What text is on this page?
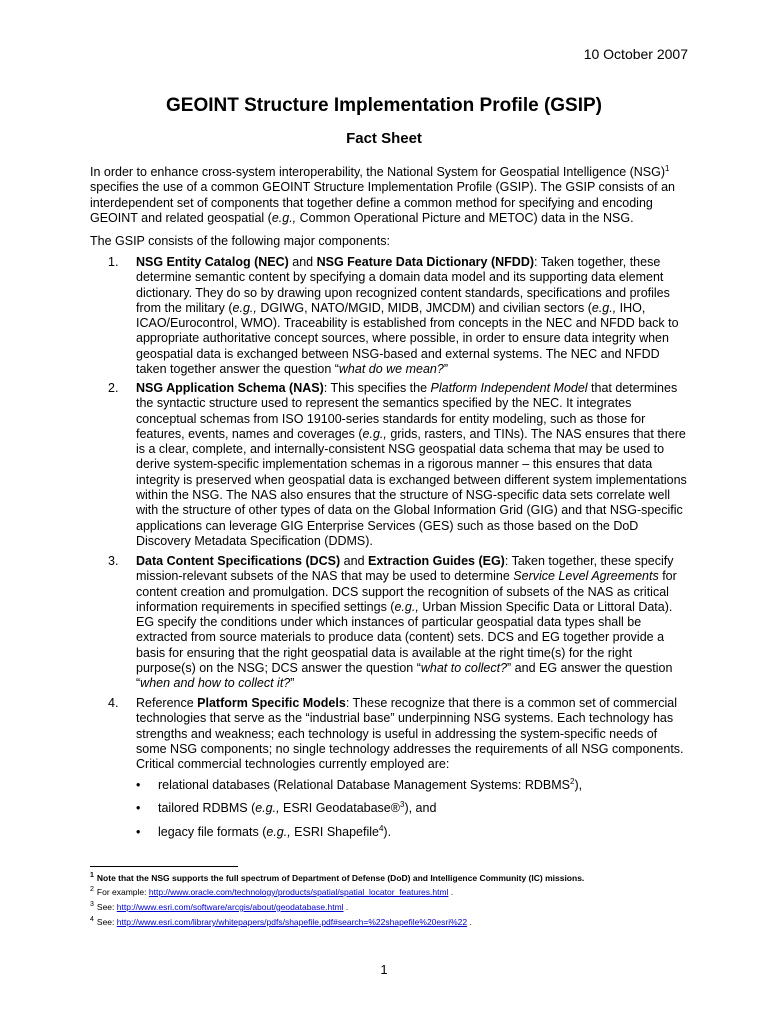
10 October 2007

GEOINT Structure Implementation Profile (GSIP)
Fact Sheet

In order to enhance cross-system interoperability, the National System for Geospatial Intelligence (NSG)$^1$ specifies the use of a common GEOINT Structure Implementation Profile (GSIP). The GSIP consists of an interdependent set of components that together define a common method for specifying and encoding GEOINT and related geospatial (e.g., Common Operational Picture and METOC) data in the NSG.

The GSIP consists of the following major components:

1. NSG Entity Catalog (NEC) and NSG Feature Data Dictionary (NFDD): Taken together, these determine semantic content by specifying a domain data model and its supporting data element dictionary. They do so by drawing upon recognized content standards, specifications and profiles from the military (e.g., DGIWG, NATO/MGID, MIDB, JMCDM) and civilian sectors (e.g., IHO, ICAO/Eurocontrol, WMO). Traceability is established from concepts in the NEC and NFDD back to appropriate authoritative concept sources, where possible, in order to ensure data integrity when geospatial data is exchanged between NSG-based and external systems. The NEC and NFDD taken together answer the question “what do we mean?”
2. NSG Application Schema (NAS): This specifies the Platform Independent Model that determines the syntactic structure used to represent the semantics specified by the NEC. It integrates conceptual schemas from ISO 19100-series standards for entity modeling, such as those for features, events, names and coverages (e.g., grids, rasters, and TINs). The NAS ensures that there is a clear, complete, and internally-consistent NSG geospatial data schema that may be used to derive system-specific implementation schemas in a rigorous manner – this ensures that data integrity is preserved when geospatial data is exchanged between different system implementations within the NSG. The NAS also ensures that the structure of NSG-specific data sets correlate well with the structure of other types of data on the Global Information Grid (GIG) and that NSG-specific applications can leverage GIG Enterprise Services (GES) such as those based on the DoD Discovery Metadata Specification (DDMS).
3. Data Content Specifications (DCS) and Extraction Guides (EG): Taken together, these specify mission-relevant subsets of the NAS that may be used to determine Service Level Agreements for content creation and promulgation. DCS support the recognition of subsets of the NAS as critical information requirements in specified settings (e.g., Urban Mission Specific Data or Littoral Data). EG specify the conditions under which instances of particular geospatial data types shall be extracted from source materials to produce data (content) sets. DCS and EG together provide a basis for ensuring that the right geospatial data is available at the right time(s) for the right purpose(s) on the NSG; DCS answer the question “what to collect?” and EG answer the question “when and how to collect it?”
4. Reference Platform Specific Models: These recognize that there is a common set of commercial technologies that serve as the “industrial base” underpinning NSG systems. Each technology has strengths and weakness; each technology is useful in addressing the system-specific needs of some NSG components; no single technology addresses the requirements of all NSG components. Critical commercial technologies currently employed are:
• relational databases (Relational Database Management Systems: RDBMS$^2$),
• tailored RDBMS (e.g., ESRI Geodatabase®$^3$), and
• legacy file formats (e.g., ESRI Shapefile$^4$).

$^1$ Note that the NSG supports the full spectrum of Department of Defense (DoD) and Intelligence Community (IC) missions.

$^2$ For example: http://www.oracle.com/technology/products/spatial/spatial_locator_features.html .

$^3$ See: http://www.esri.com/software/arcgis/about/geodatabase.html .

$^4$ See: http://www.esri.com/library/whitepapers/pdfs/shapefile.pdf#search=%22shapefile%20esri%22 .

1
